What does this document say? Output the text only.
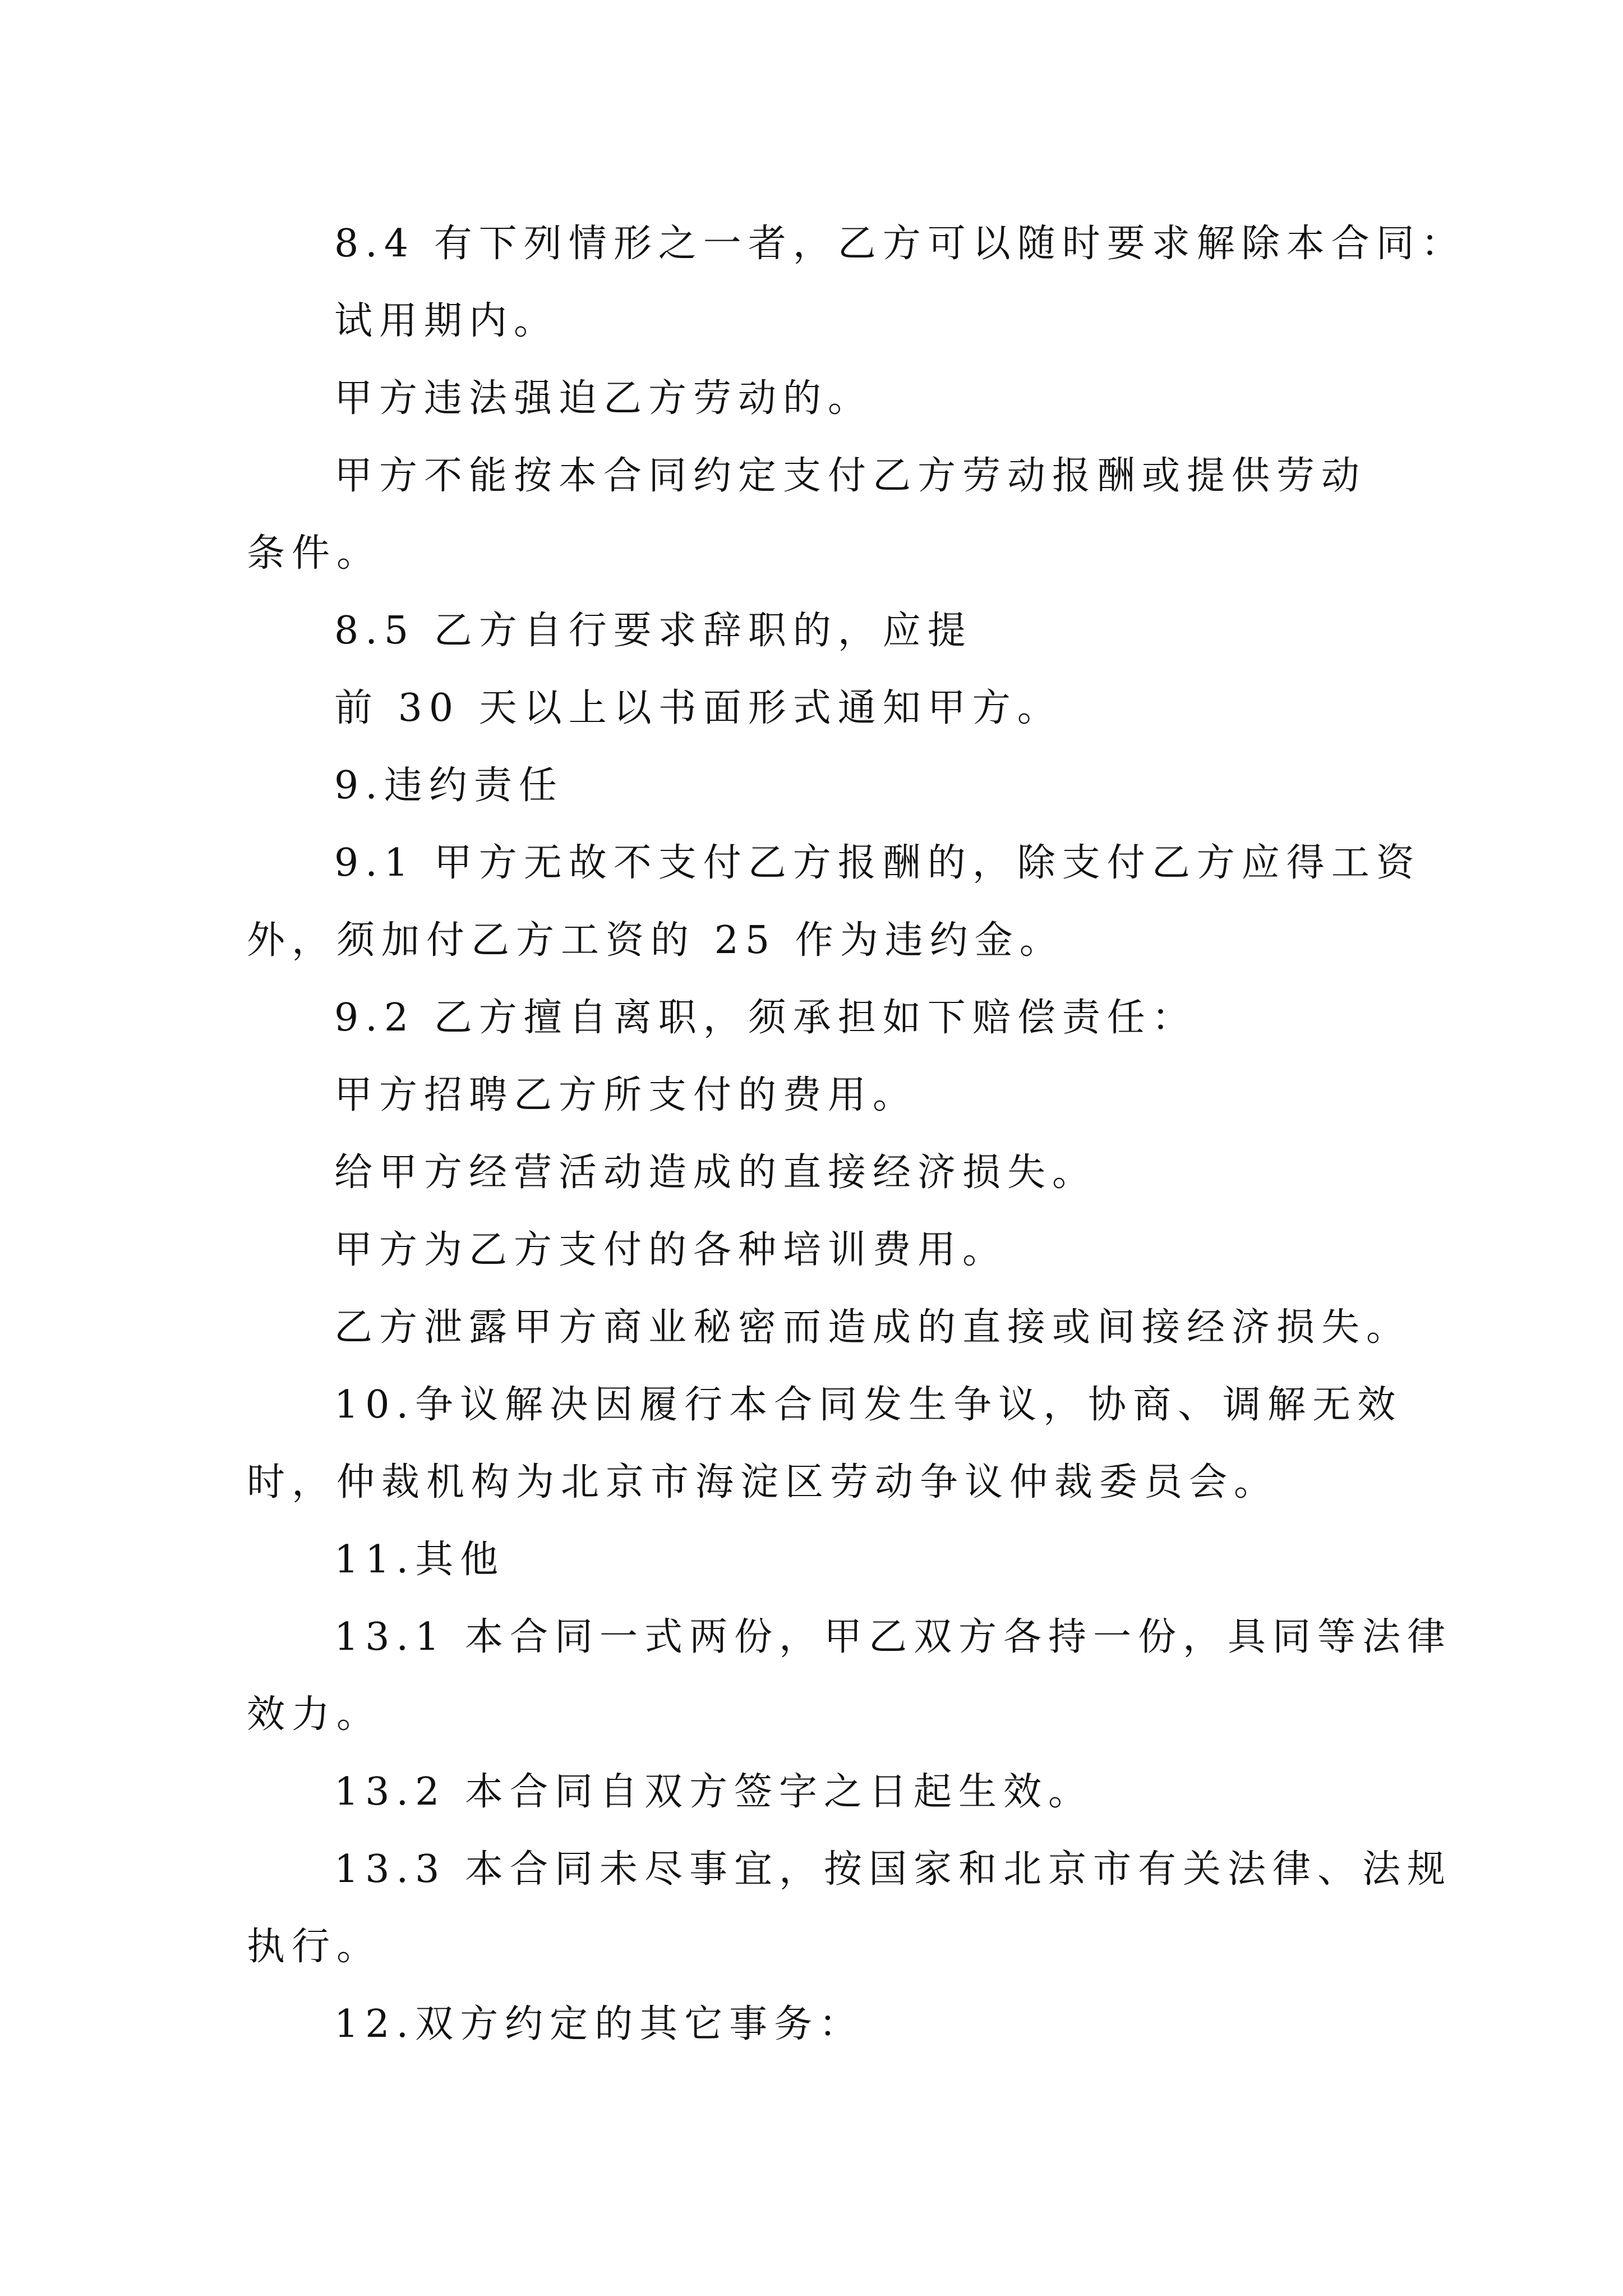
8.4 有下列情形之一者，乙方可以随时要求解除本合同：
试用期内。
甲方违法强迫乙方劳动的。
甲方不能按本合同约定支付乙方劳动报酬或提供劳动
条件。
8.5 乙方自行要求辞职的，应提
前 30 天以上以书面形式通知甲方。
9.违约责任
9.1 甲方无故不支付乙方报酬的，除支付乙方应得工资
外，须加付乙方工资的 25 作为违约金。
9.2 乙方擅自离职，须承担如下赔偿责任：
甲方招聘乙方所支付的费用。
给甲方经营活动造成的直接经济损失。
甲方为乙方支付的各种培训费用。
乙方泄露甲方商业秘密而造成的直接或间接经济损失。
10.争议解决因履行本合同发生争议，协商、调解无效
时，仲裁机构为北京市海淀区劳动争议仲裁委员会。
11.其他
13.1 本合同一式两份，甲乙双方各持一份，具同等法律
效力。
13.2 本合同自双方签字之日起生效。
13.3 本合同未尽事宜，按国家和北京市有关法律、法规
执行。
12.双方约定的其它事务：
